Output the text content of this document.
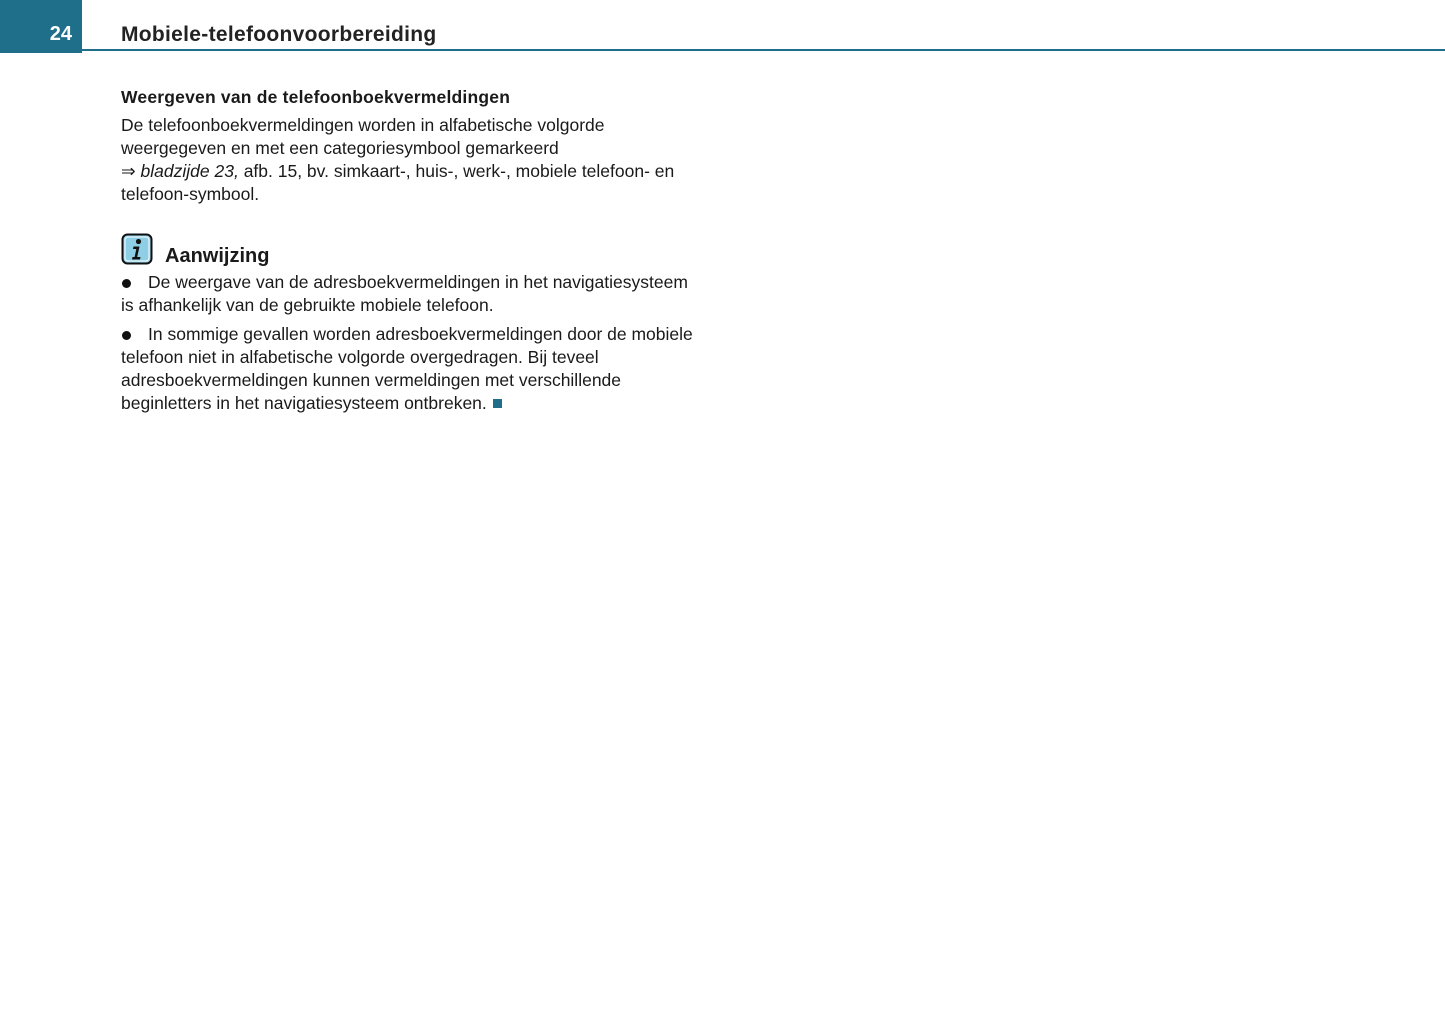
24 Mobiele-telefoonvoorbereiding
Weergeven van de telefoonboekvermeldingen

De telefoonboekvermeldingen worden in alfabetische volgorde weergegeven en met een categoriesymbool gemarkeerd
⇒ bladzijde 23, afb. 15, bv. simkaart-, huis-, werk-, mobiele telefoon- en telefoon-symbool.

Aanwijzing
De weergave van de adresboekvermeldingen in het navigatiesysteem is afhankelijk van de gebruikte mobiele telefoon.
In sommige gevallen worden adresboekvermeldingen door de mobiele telefoon niet in alfabetische volgorde overgedragen. Bij teveel adresboekvermeldingen kunnen vermeldingen met verschillende beginletters in het navigatiesysteem ontbreken.
